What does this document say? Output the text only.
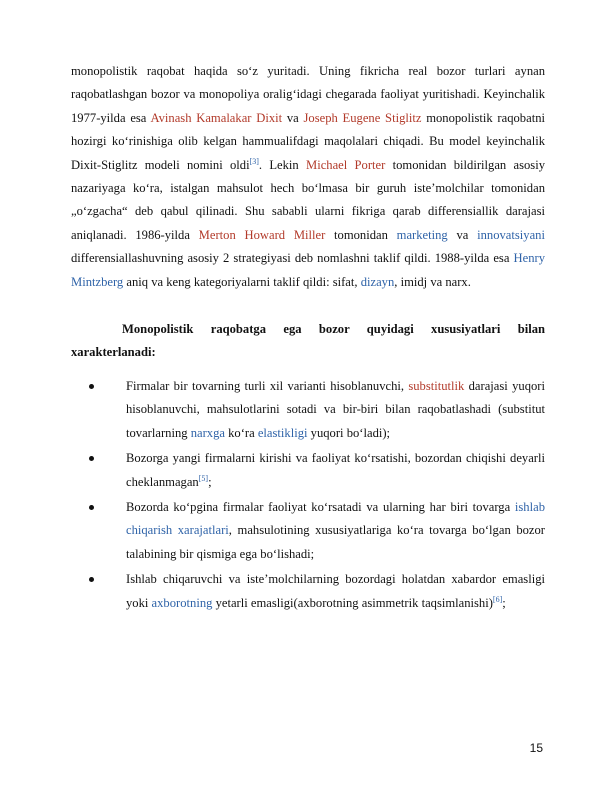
monopolistik raqobat haqida so‘z yuritadi. Uning fikricha real bozor turlari aynan raqobatlashgan bozor va monopoliya oralig‘idagi chegarada faoliyat yuritishadi. Keyinchalik 1977-yilda esa Avinash Kamalakar Dixit va Joseph Eugene Stiglitz monopolistik raqobatni hozirgi ko‘rinishiga olib kelgan hammualifdagi maqolalari chiqadi. Bu model keyinchalik Dixit-Stiglitz modeli nomini oldi[3]. Lekin Michael Porter tomonidan bildirilgan asosiy nazariyaga ko‘ra, istalgan mahsulot hech bo‘lmasa bir guruh iste’molchilar tomonidan „o‘zgacha“ deb qabul qilinadi. Shu sababli ularni fikriga qarab differensiallik darajasi aniqlanadi. 1986-yilda Merton Howard Miller tomonidan marketing va innovatsiyani differensiallashuvning asosiy 2 strategiyasi deb nomlashni taklif qildi. 1988-yilda esa Henry Mintzberg aniq va keng kategoriyalarni taklif qildi: sifat, dizayn, imidj va narx.

Monopolistik raqobatga ega bozor quyidagi xususiyatlari bilan xarakterlanadi:

Firmalar bir tovarning turli xil varianti hisoblanuvchi, substitutlik darajasi yuqori hisoblanuvchi, mahsulotlarini sotadi va bir-biri bilan raqobatlashadi (substitut tovarlarning narxga ko‘ra elastikligi yuqori bo‘ladi);

Bozorga yangi firmalarni kirishi va faoliyat ko‘rsatishi, bozordan chiqishi deyarli cheklanmagan[5];

Bozorda ko‘pgina firmalar faoliyat ko‘rsatadi va ularning har biri tovarga ishlab chiqarish xarajatlari, mahsulotining xususiyatlariga ko‘ra tovarga bo‘lgan bozor talabining bir qismiga ega bo‘lishadi;

Ishlab chiqaruvchi va iste’molchilarning bozordagi holatdan xabardor emasligi yoki axborotning yetarli emasligi(axborotning asimmetrik taqsimlanishi)[6];

15
